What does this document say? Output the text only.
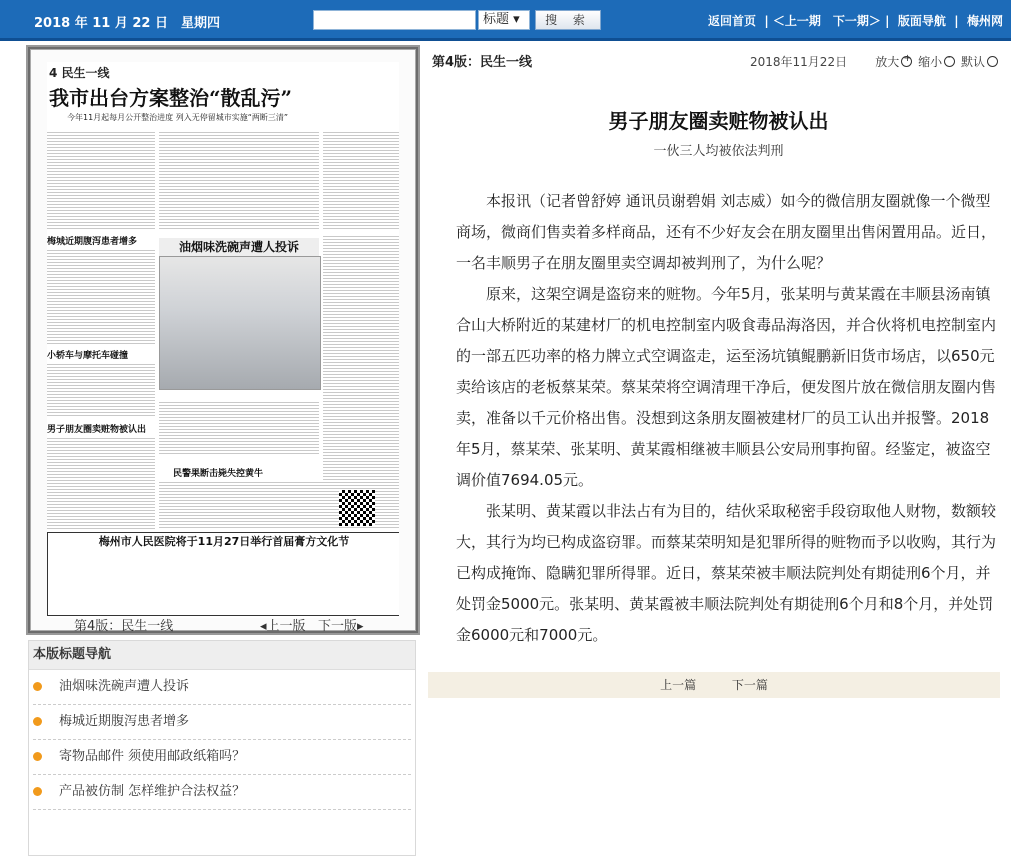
2018 年 11 月 22 日　星期四	标题 ▾	搜 索	返回首页 | ＜上一期　下一期＞ | 版面导航 | 梅州网
4 民生一线
我市出台方案整治“散乱污”
今年11月起每月公开整治进度 列入无停留城市实施“两断三清”
梅城近期腹泻患者增多
小轿车与摩托车碰撞
男子朋友圈卖赃物被认出
民警果断击毙失控黄牛
油烟味洗碗声遭人投诉
梅州市人民医院将于11月27日举行首届膏方文化节
第4版：民生一线	◂上一版 下一版▸
本版标题导航
油烟味洗碗声遭人投诉
梅城近期腹泻患者增多
寄物品邮件 须使用邮政纸箱吗？
产品被仿制 怎样维护合法权益？
第4版：民生一线	2018年11月22日 放大 + 缩小 - 默认
男子朋友圈卖赃物被认出
一伙三人均被依法判刑

本报讯（记者曾舒婷 通讯员谢碧娟 刘志威）如今的微信朋友圈就像一个微型商场，微商们售卖着多样商品，还有不少好友会在朋友圈里出售闲置用品。近日，一名丰顺男子在朋友圈里卖空调却被判刑了，为什么呢？

原来，这架空调是盗窃来的赃物。今年5月，张某明与黄某霞在丰顺县汤南镇合山大桥附近的某建材厂的机电控制室内吸食毒品海洛因，并合伙将机电控制室内的一部五匹功率的格力牌立式空调盗走，运至汤坑镇鲲鹏新旧货市场店，以650元卖给该店的老板蔡某荣。蔡某荣将空调清理干净后，便发图片放在微信朋友圈内售卖，准备以千元价格出售。没想到这条朋友圈被建材厂的员工认出并报警。2018年5月，蔡某荣、张某明、黄某霞相继被丰顺县公安局刑事拘留。经鉴定，被盗空调价值7694.05元。

张某明、黄某霞以非法占有为目的，结伙采取秘密手段窃取他人财物，数额较大，其行为均已构成盗窃罪。而蔡某荣明知是犯罪所得的赃物而予以收购，其行为已构成掩饰、隐瞒犯罪所得罪。近日，蔡某荣被丰顺法院判处有期徒刑6个月，并处罚金5000元。张某明、黄某霞被丰顺法院判处有期徒刑6个月和8个月，并处罚金6000元和7000元。

上一篇	下一篇
